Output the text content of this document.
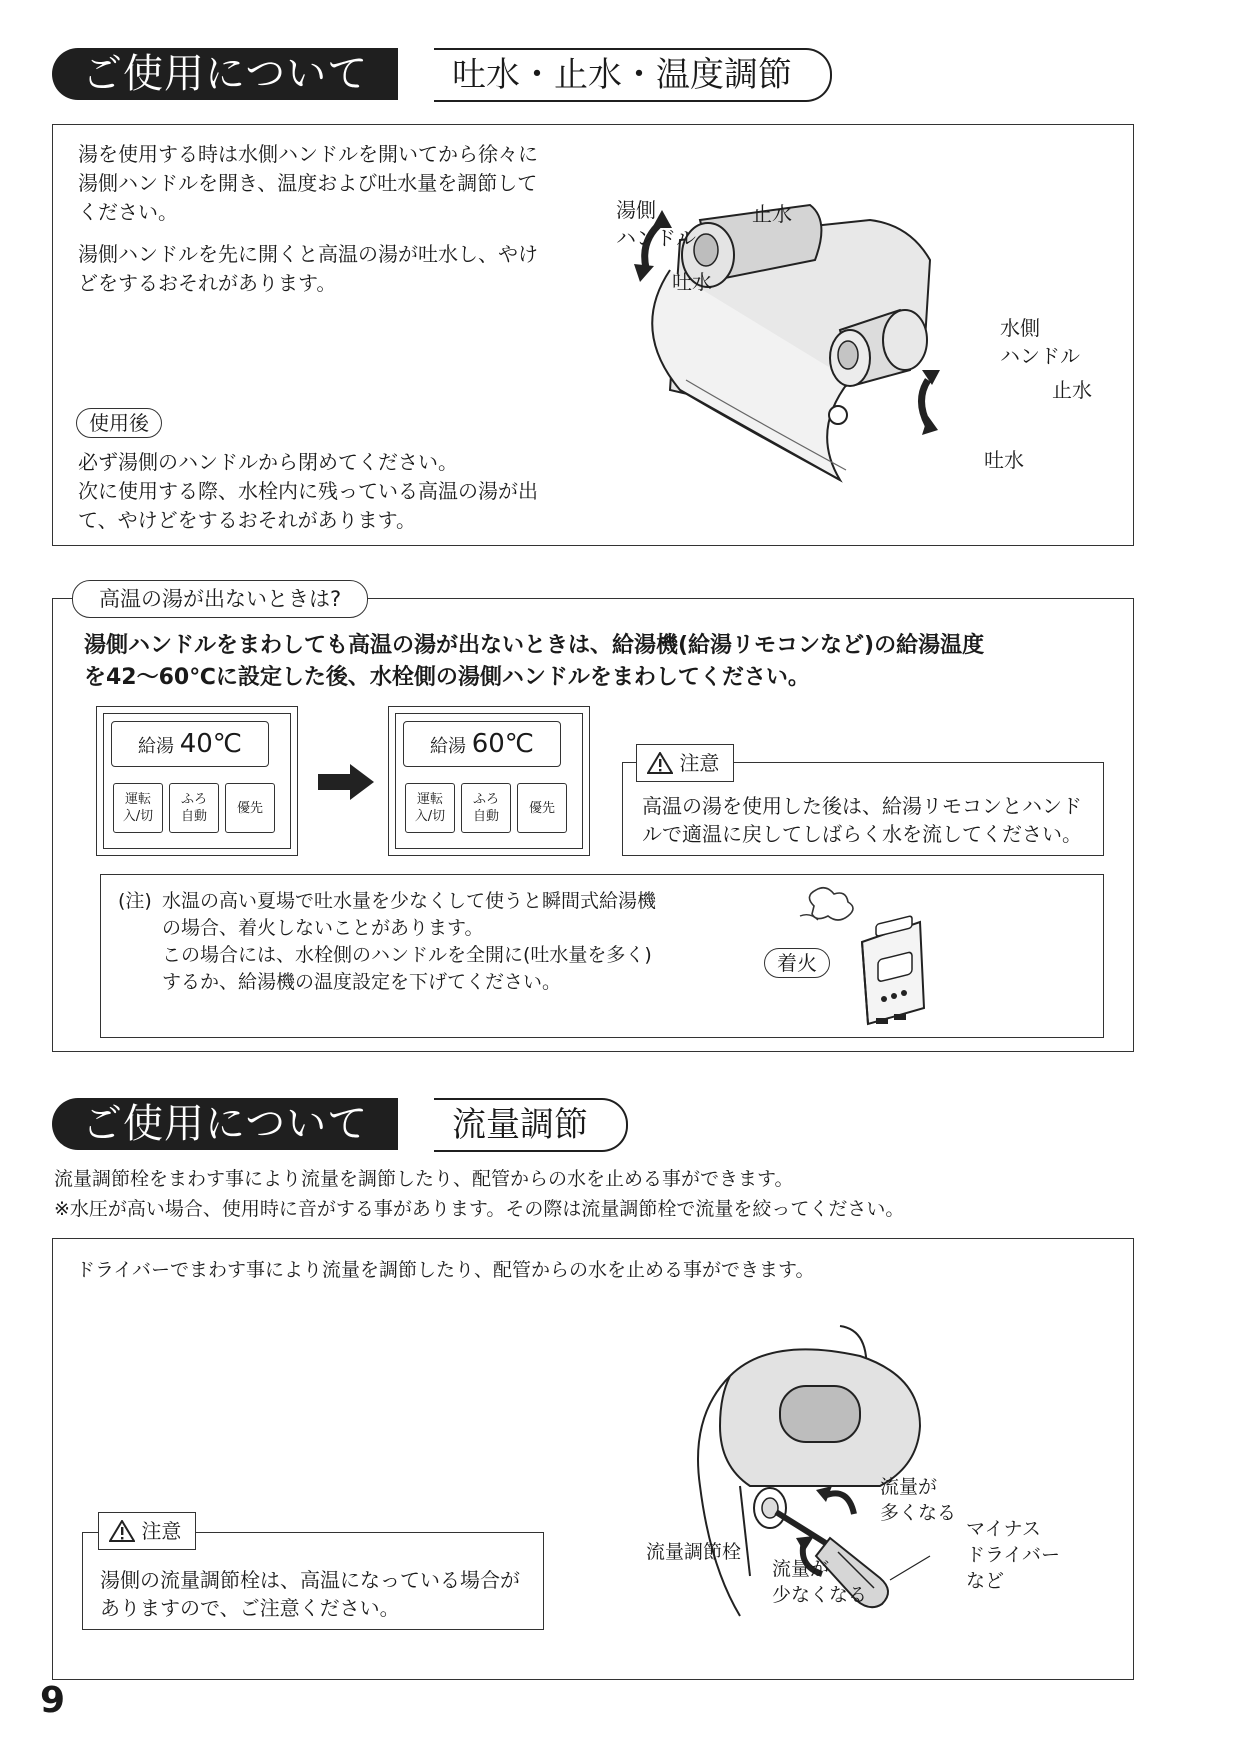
ご使用について	吐水・止水・温度調節
湯を使用する時は水側ハンドルを開いてから徐々に
湯側ハンドルを開き、温度および吐水量を調節して
ください。
湯側ハンドルを先に開くと高温の湯が吐水し、やけ
どをするおそれがあります。
使用後
必ず湯側のハンドルから閉めてください。
次に使用する際、水栓内に残っている高温の湯が出
て、やけどをするおそれがあります。
湯側
ハンドル
止水
吐水
水側
ハンドル
止水
吐水
高温の湯が出ないときは?
湯側ハンドルをまわしても高温の湯が出ないときは、給湯機(給湯リモコンなど)の給湯温度
を42〜60℃に設定した後、水栓側の湯側ハンドルをまわしてください。
給湯 40℃
運転
入/切
ふろ
自動
優先
給湯 60℃
運転
入/切
ふろ
自動
優先
注意
高温の湯を使用した後は、給湯リモコンとハンド
ルで適温に戻してしばらく水を流してください。
(注) 水温の高い夏場で吐水量を少なくして使うと瞬間式給湯機
の場合、着火しないことがあります。
この場合には、水栓側のハンドルを全開に(吐水量を多く)
するか、給湯機の温度設定を下げてください。
着火
ご使用について	流量調節
流量調節栓をまわす事により流量を調節したり、配管からの水を止める事ができます。
※水圧が高い場合、使用時に音がする事があります。その際は流量調節栓で流量を絞ってください。
ドライバーでまわす事により流量を調節したり、配管からの水を止める事ができます。
注意
湯側の流量調節栓は、高温になっている場合が
ありますので、ご注意ください。
流量調節栓
流量が
多くなる
流量が
少なくなる
マイナス
ドライバー
など
9
